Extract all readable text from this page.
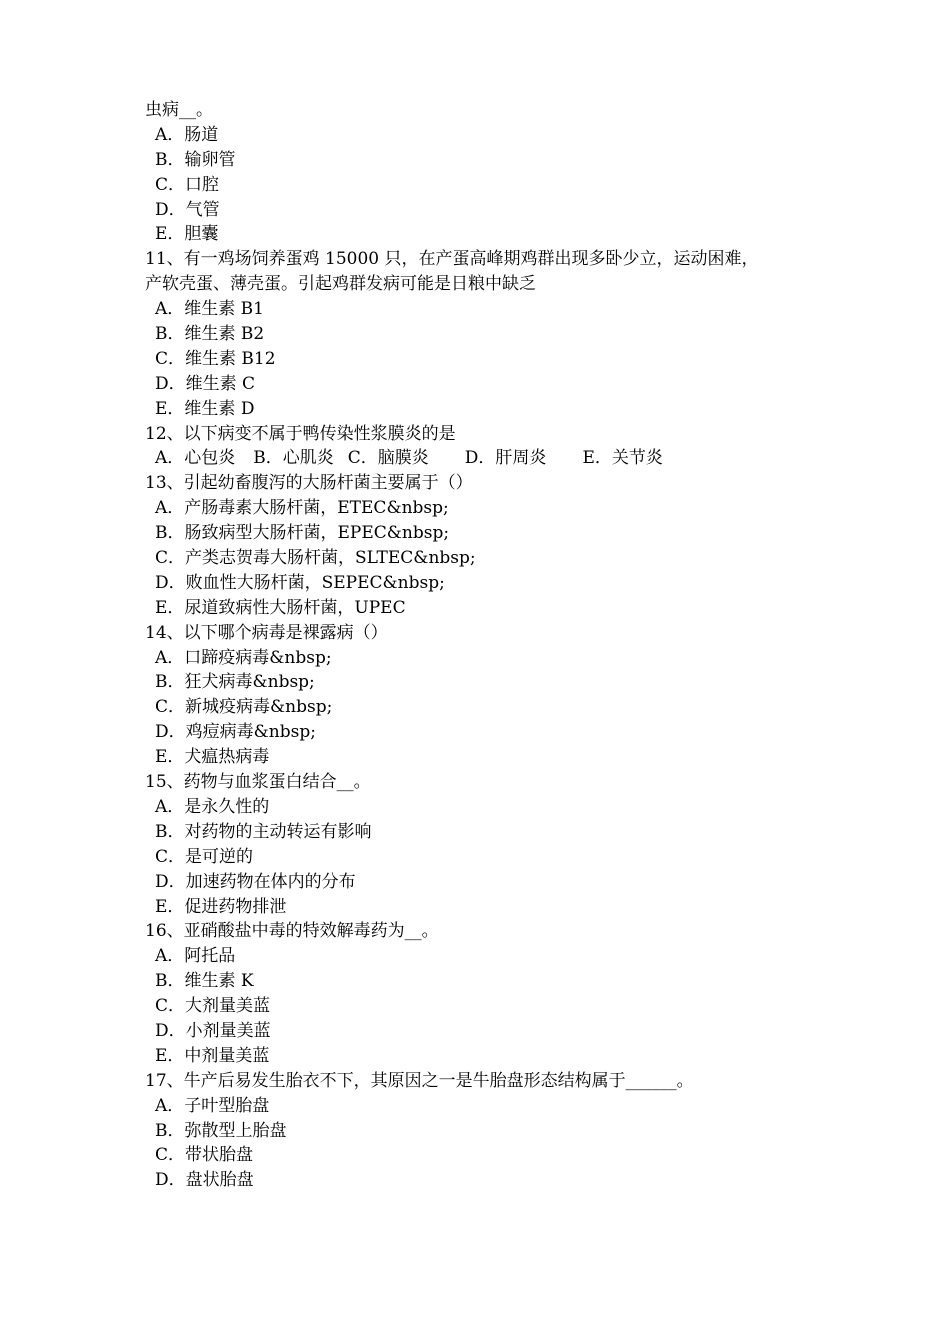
虫病__。
A．肠道
B．输卵管
C．口腔
D．气管
E．胆囊
11、有一鸡场饲养蛋鸡 15000 只，在产蛋高峰期鸡群出现多卧少立，运动困难，
产软壳蛋、薄壳蛋。引起鸡群发病可能是日粮中缺乏
A．维生素 B1
B．维生素 B2
C．维生素 B12
D．维生素 C
E．维生素 D
12、以下病变不属于鸭传染性浆膜炎的是
A．心包炎 B．心肌炎 C．脑膜炎 D．肝周炎 E．关节炎
13、引起幼畜腹泻的大肠杆菌主要属于（）
A．产肠毒素大肠杆菌，ETEC&nbsp;
B．肠致病型大肠杆菌，EPEC&nbsp;
C．产类志贺毒大肠杆菌，SLTEC&nbsp;
D．败血性大肠杆菌，SEPEC&nbsp;
E．尿道致病性大肠杆菌，UPEC
14、以下哪个病毒是裸露病（）
A．口蹄疫病毒&nbsp;
B．狂犬病毒&nbsp;
C．新城疫病毒&nbsp;
D．鸡痘病毒&nbsp;
E．犬瘟热病毒
15、药物与血浆蛋白结合__。
A．是永久性的
B．对药物的主动转运有影响
C．是可逆的
D．加速药物在体内的分布
E．促进药物排泄
16、亚硝酸盐中毒的特效解毒药为__。
A．阿托品
B．维生素 K
C．大剂量美蓝
D．小剂量美蓝
E．中剂量美蓝
17、牛产后易发生胎衣不下，其原因之一是牛胎盘形态结构属于______。
A．子叶型胎盘
B．弥散型上胎盘
C．带状胎盘
D．盘状胎盘
